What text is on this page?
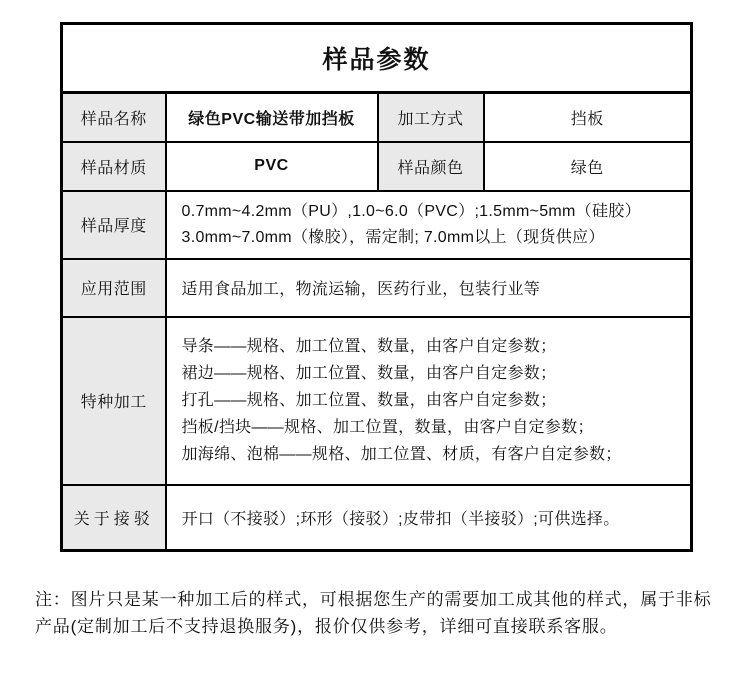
样品参数			
样品名称	绿色PVC输送带加挡板	加工方式	挡板
样品材质	PVC	样品颜色	绿色
样品厚度	0.7mm~4.2mm（PU）,1.0~6.0（PVC）;1.5mm~5mm（硅胶）
3.0mm~7.0mm（橡胶），需定制; 7.0mm以上（现货供应）		

应用范围	适用食品加工，物流运输，医药行业，包装行业等		
特种加工	导条——规格、加工位置、数量，由客户自定参数；
裙边——规格、加工位置、数量，由客户自定参数；
打孔——规格、加工位置、数量，由客户自定参数；
挡板/挡块——规格、加工位置，数量，由客户自定参数；
加海绵、泡棉——规格、加工位置、材质，有客户自定参数；		

关于接驳	开口（不接驳）;环形（接驳）;皮带扣（半接驳）;可供选择。		
注：图片只是某一种加工后的样式，可根据您生产的需要加工成其他的样式，属于非标
产品(定制加工后不支持退换服务)，报价仅供参考，详细可直接联系客服。
